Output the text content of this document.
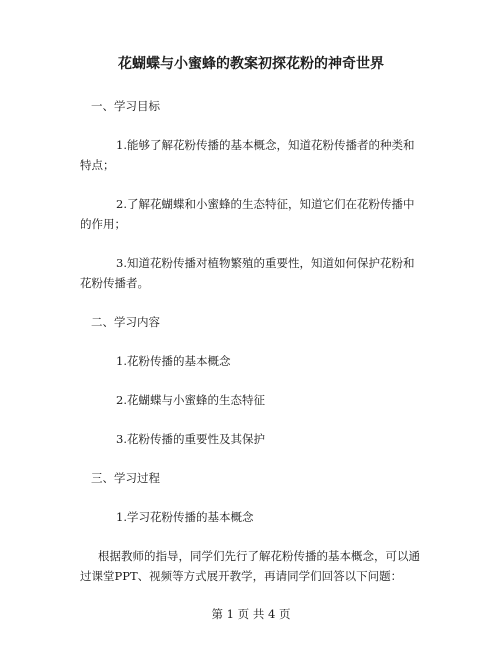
花蝴蝶与小蜜蜂的教案初探花粉的神奇世界
一、学习目标
1.能够了解花粉传播的基本概念，知道花粉传播者的种类和
特点；
2.了解花蝴蝶和小蜜蜂的生态特征，知道它们在花粉传播中
的作用；
3.知道花粉传播对植物繁殖的重要性，知道如何保护花粉和
花粉传播者。
二、学习内容
1.花粉传播的基本概念
2.花蝴蝶与小蜜蜂的生态特征
3.花粉传播的重要性及其保护
三、学习过程
1.学习花粉传播的基本概念
根据教师的指导，同学们先行了解花粉传播的基本概念，可以通
过课堂PPT、视频等方式展开教学，再请同学们回答以下问题：
第 1 页 共 4 页
